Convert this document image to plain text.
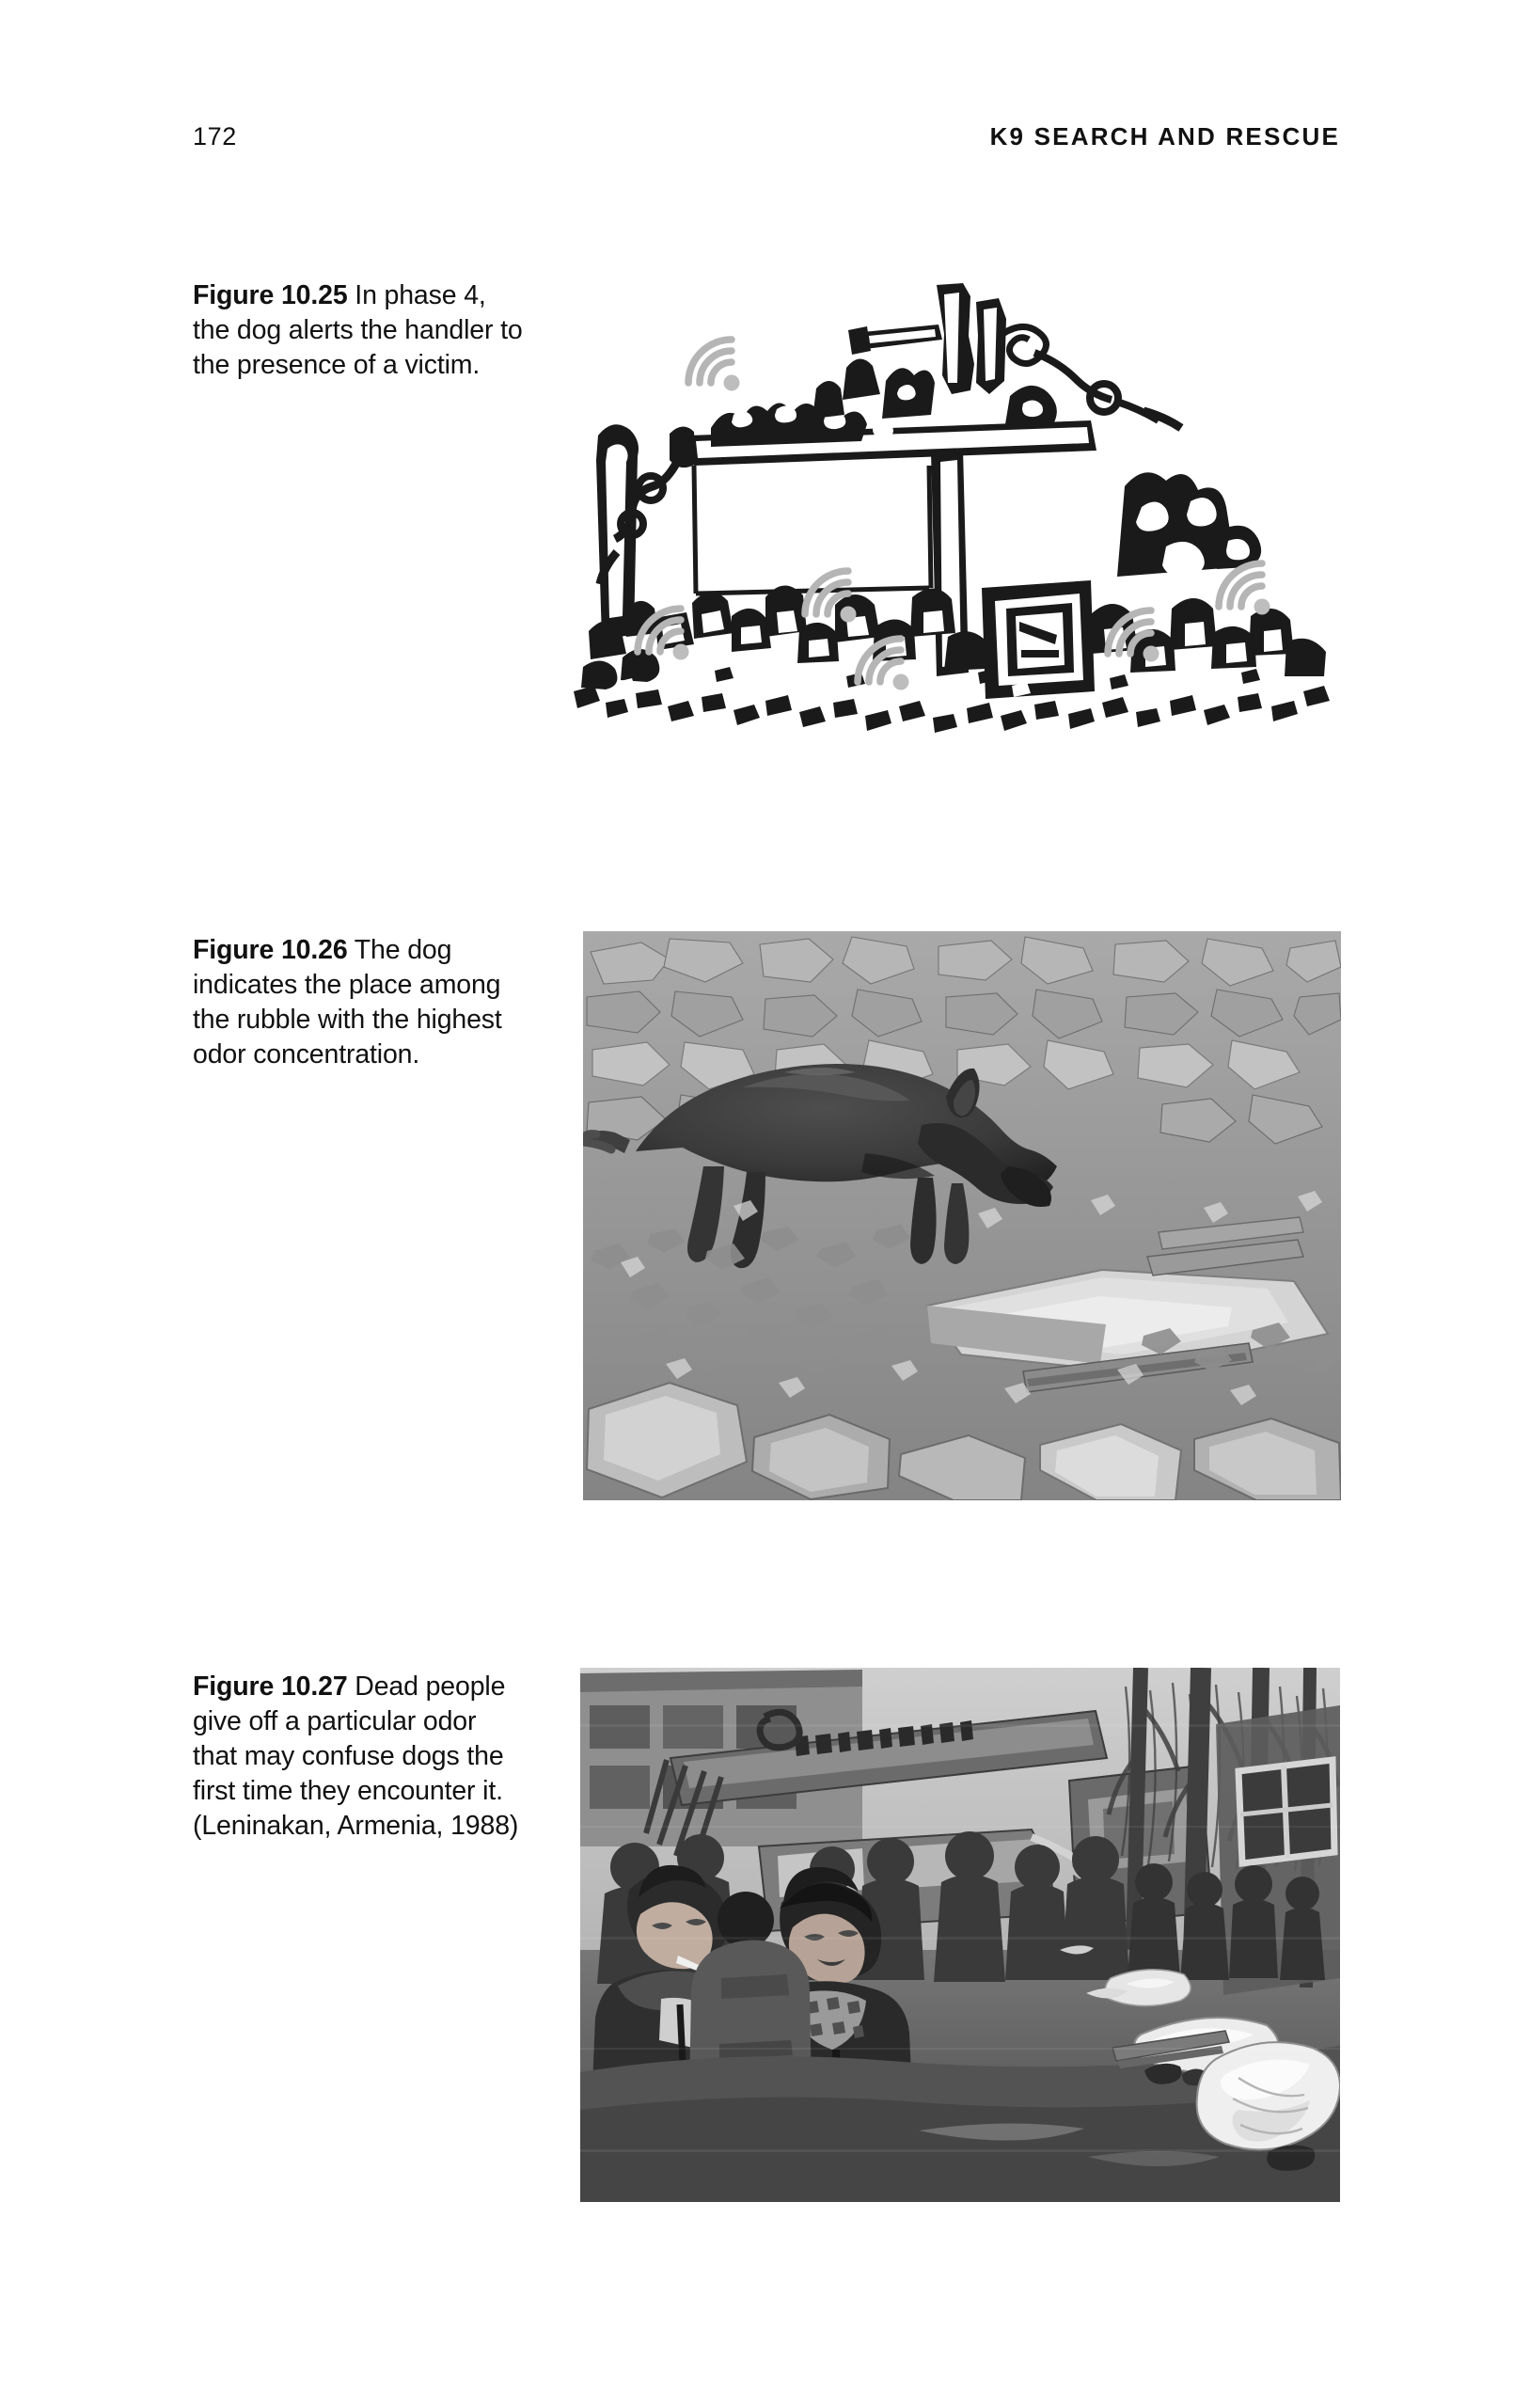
172	K9 SEARCH AND RESCUE
Figure 10.25 In phase 4, the dog alerts the handler to the presence of a victim.
Figure 10.26 The dog indicates the place among the rubble with the highest odor concentration.
Figure 10.27 Dead people give off a particular odor that may confuse dogs the first time they encounter it. (Leninakan, Armenia, 1988)
